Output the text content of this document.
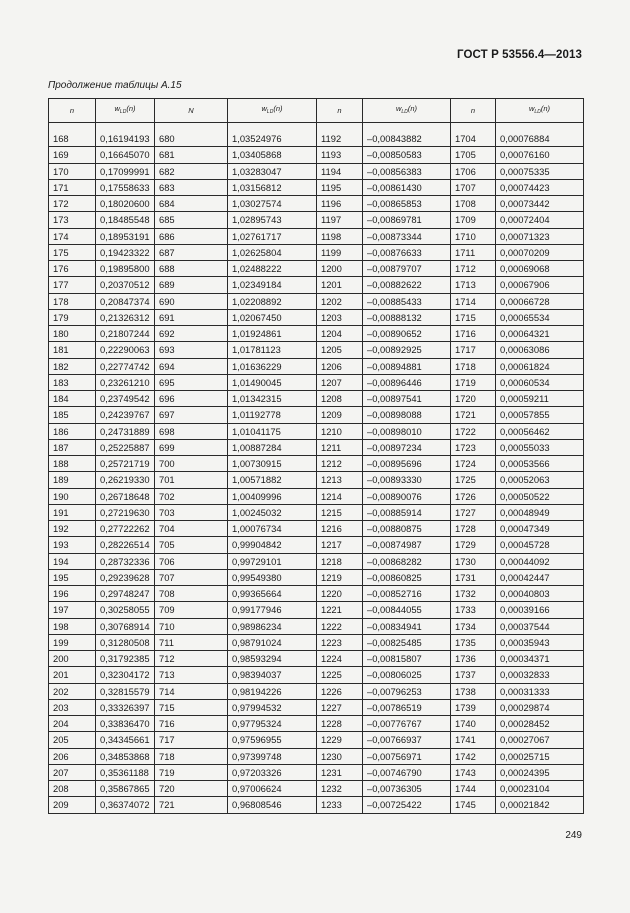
ГОСТ Р 53556.4—2013
Продолжение таблицы А.15
n	$w_{LD}(n)$	N	$w_{LD}(n)$	n	$w_{LD}(n)$	n	$w_{LD}(n)$

168	0,16194193	680	1,03524976	1192	–0,00843882	1704	0,00076884
169	0,16645070	681	1,03405868	1193	–0,00850583	1705	0,00076160
170	0,17099991	682	1,03283047	1194	–0,00856383	1706	0,00075335
171	0,17558633	683	1,03156812	1195	–0,00861430	1707	0,00074423
172	0,18020600	684	1,03027574	1196	–0,00865853	1708	0,00073442
173	0,18485548	685	1,02895743	1197	–0,00869781	1709	0,00072404
174	0,18953191	686	1,02761717	1198	–0,00873344	1710	0,00071323
175	0,19423322	687	1,02625804	1199	–0,00876633	1711	0,00070209
176	0,19895800	688	1,02488222	1200	–0,00879707	1712	0,00069068
177	0,20370512	689	1,02349184	1201	–0,00882622	1713	0,00067906
178	0,20847374	690	1,02208892	1202	–0,00885433	1714	0,00066728
179	0,21326312	691	1,02067450	1203	–0,00888132	1715	0,00065534
180	0,21807244	692	1,01924861	1204	–0,00890652	1716	0,00064321
181	0,22290063	693	1,01781123	1205	–0,00892925	1717	0,00063086
182	0,22774742	694	1,01636229	1206	–0,00894881	1718	0,00061824
183	0,23261210	695	1,01490045	1207	–0,00896446	1719	0,00060534
184	0,23749542	696	1,01342315	1208	–0,00897541	1720	0,00059211
185	0,24239767	697	1,01192778	1209	–0,00898088	1721	0,00057855
186	0,24731889	698	1,01041175	1210	–0,00898010	1722	0,00056462
187	0,25225887	699	1,00887284	1211	–0,00897234	1723	0,00055033
188	0,25721719	700	1,00730915	1212	–0,00895696	1724	0,00053566
189	0,26219330	701	1,00571882	1213	–0,00893330	1725	0,00052063
190	0,26718648	702	1,00409996	1214	–0,00890076	1726	0,00050522
191	0,27219630	703	1,00245032	1215	–0,00885914	1727	0,00048949
192	0,27722262	704	1,00076734	1216	–0,00880875	1728	0,00047349
193	0,28226514	705	0,99904842	1217	–0,00874987	1729	0,00045728
194	0,28732336	706	0,99729101	1218	–0,00868282	1730	0,00044092
195	0,29239628	707	0,99549380	1219	–0,00860825	1731	0,00042447
196	0,29748247	708	0,99365664	1220	–0,00852716	1732	0,00040803
197	0,30258055	709	0,99177946	1221	–0,00844055	1733	0,00039166
198	0,30768914	710	0,98986234	1222	–0,00834941	1734	0,00037544
199	0,31280508	711	0,98791024	1223	–0,00825485	1735	0,00035943
200	0,31792385	712	0,98593294	1224	–0,00815807	1736	0,00034371
201	0,32304172	713	0,98394037	1225	–0,00806025	1737	0,00032833
202	0,32815579	714	0,98194226	1226	–0,00796253	1738	0,00031333
203	0,33326397	715	0,97994532	1227	–0,00786519	1739	0,00029874
204	0,33836470	716	0,97795324	1228	–0,00776767	1740	0,00028452
205	0,34345661	717	0,97596955	1229	–0,00766937	1741	0,00027067
206	0,34853868	718	0,97399748	1230	–0,00756971	1742	0,00025715
207	0,35361188	719	0,97203326	1231	–0,00746790	1743	0,00024395
208	0,35867865	720	0,97006624	1232	–0,00736305	1744	0,00023104
209	0,36374072	721	0,96808546	1233	–0,00725422	1745	0,00021842
249
